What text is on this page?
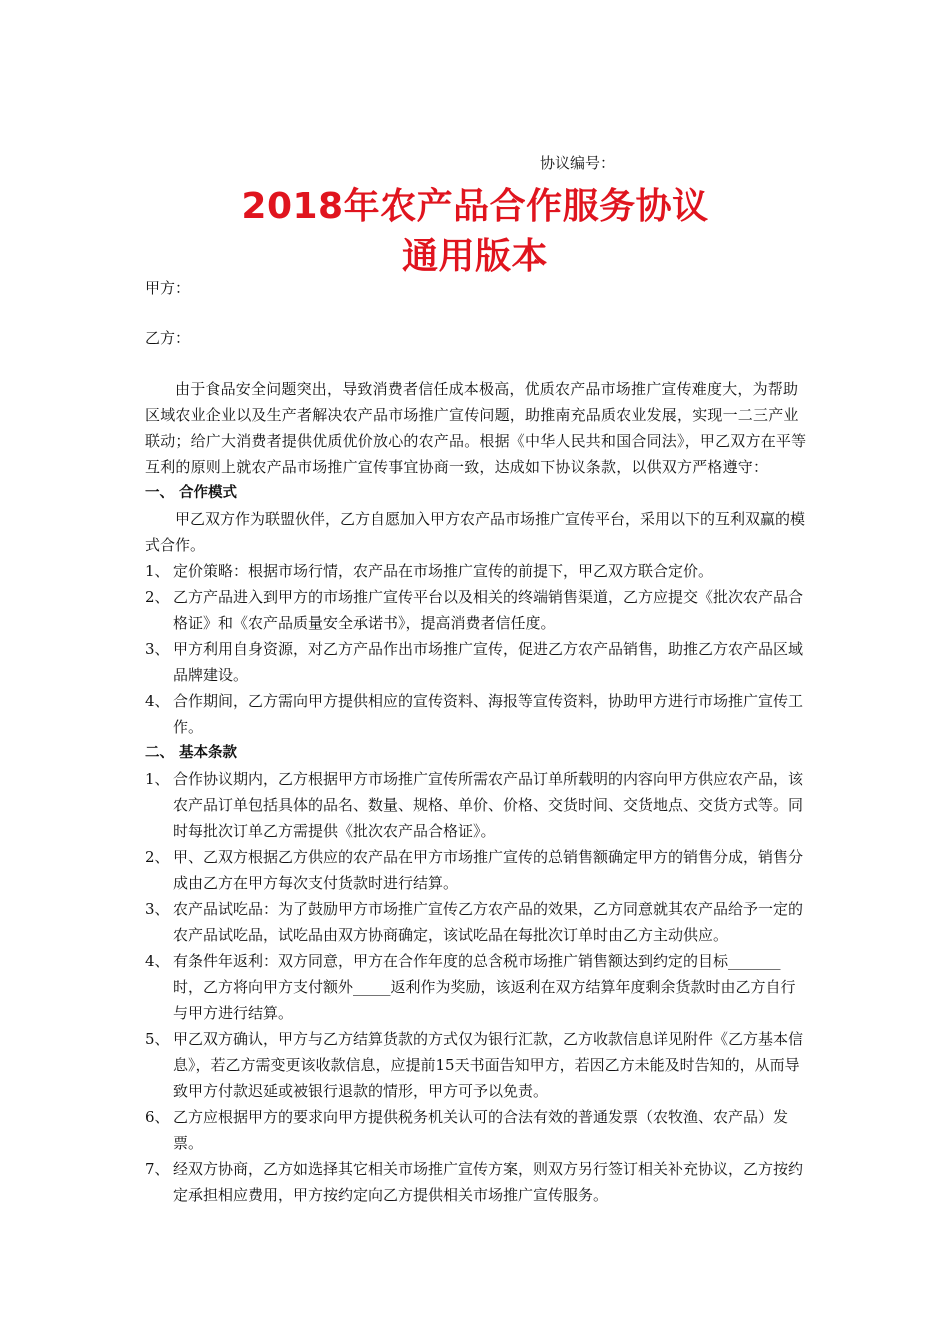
协议编号：
2018年农产品合作服务协议
通用版本
甲方：
乙方：

由于食品安全问题突出，导致消费者信任成本极高，优质农产品市场推广宣传难度大，为帮助区域农业企业以及生产者解决农产品市场推广宣传问题，助推南充品质农业发展，实现一二三产业联动；给广大消费者提供优质优价放心的农产品。根据《中华人民共和国合同法》，甲乙双方在平等互利的原则上就农产品市场推广宣传事宜协商一致，达成如下协议条款，以供双方严格遵守：

一、 合作模式

甲乙双方作为联盟伙伴，乙方自愿加入甲方农产品市场推广宣传平台，采用以下的互利双赢的模式合作。

1、 定价策略：根据市场行情，农产品在市场推广宣传的前提下，甲乙双方联合定价。
2、 乙方产品进入到甲方的市场推广宣传平台以及相关的终端销售渠道，乙方应提交《批次农产品合格证》和《农产品质量安全承诺书》，提高消费者信任度。
3、 甲方利用自身资源，对乙方产品作出市场推广宣传，促进乙方农产品销售，助推乙方农产品区域品牌建设。
4、 合作期间，乙方需向甲方提供相应的宣传资料、海报等宣传资料，协助甲方进行市场推广宣传工作。

二、 基本条款

1、 合作协议期内，乙方根据甲方市场推广宣传所需农产品订单所载明的内容向甲方供应农产品，该农产品订单包括具体的品名、数量、规格、单价、价格、交货时间、交货地点、交货方式等。同时每批次订单乙方需提供《批次农产品合格证》。
2、 甲、乙双方根据乙方供应的农产品在甲方市场推广宣传的总销售额确定甲方的销售分成，销售分成由乙方在甲方每次支付货款时进行结算。
3、 农产品试吃品：为了鼓励甲方市场推广宣传乙方农产品的效果，乙方同意就其农产品给予一定的农产品试吃品，试吃品由双方协商确定，该试吃品在每批次订单时由乙方主动供应。
4、 有条件年返利：双方同意，甲方在合作年度的总含税市场推广销售额达到约定的目标_______时，乙方将向甲方支付额外_____返利作为奖励，该返利在双方结算年度剩余货款时由乙方自行与甲方进行结算。
5、 甲乙双方确认，甲方与乙方结算货款的方式仅为银行汇款，乙方收款信息详见附件《乙方基本信息》，若乙方需变更该收款信息，应提前15天书面告知甲方，若因乙方未能及时告知的，从而导致甲方付款迟延或被银行退款的情形，甲方可予以免责。
6、 乙方应根据甲方的要求向甲方提供税务机关认可的合法有效的普通发票（农牧渔、农产品）发票。
7、 经双方协商，乙方如选择其它相关市场推广宣传方案，则双方另行签订相关补充协议，乙方按约定承担相应费用，甲方按约定向乙方提供相关市场推广宣传服务。
